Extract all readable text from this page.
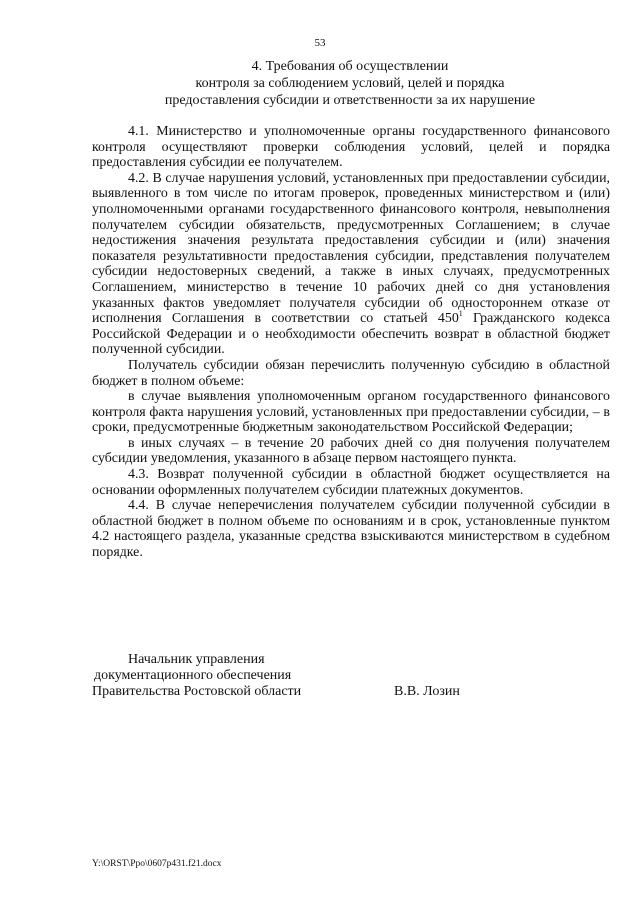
53
4. Требования об осуществлении
контроля за соблюдением условий, целей и порядка
предоставления субсидии и ответственности за их нарушение

4.1. Министерство и уполномоченные органы государственного финансового контроля осуществляют проверки соблюдения условий, целей и порядка предоставления субсидии ее получателем.

4.2. В случае нарушения условий, установленных при предоставлении субсидии, выявленного в том числе по итогам проверок, проведенных министерством и (или) уполномоченными органами государственного финансового контроля, невыполнения получателем субсидии обязательств, предусмотренных Соглашением; в случае недостижения значения результата предоставления субсидии и (или) значения показателя результативности предоставления субсидии, представления получателем субсидии недостоверных сведений, а также в иных случаях, предусмотренных Соглашением, министерство в течение 10 рабочих дней со дня установления указанных фактов уведомляет получателя субсидии об одностороннем отказе от исполнения Соглашения в соответствии со статьей $450^1$ Гражданского кодекса Российской Федерации и о необходимости обеспечить возврат в областной бюджет полученной субсидии.

Получатель субсидии обязан перечислить полученную субсидию в областной бюджет в полном объеме:

в случае выявления уполномоченным органом государственного финансового контроля факта нарушения условий, установленных при предоставлении субсидии, – в сроки, предусмотренные бюджетным законодательством Российской Федерации;

в иных случаях – в течение 20 рабочих дней со дня получения получателем субсидии уведомления, указанного в абзаце первом настоящего пункта.

4.3. Возврат полученной субсидии в областной бюджет осуществляется на основании оформленных получателем субсидии платежных документов.

4.4. В случае неперечисления получателем субсидии полученной субсидии в областной бюджет в полном объеме по основаниям и в срок, установленные пунктом 4.2 настоящего раздела, указанные средства взыскиваются министерством в судебном порядке.

Начальник управления
документационного обеспечения
Правительства Ростовской области	В.В. Лозин
Y:\ORST\Ppo\0607p431.f21.docx
